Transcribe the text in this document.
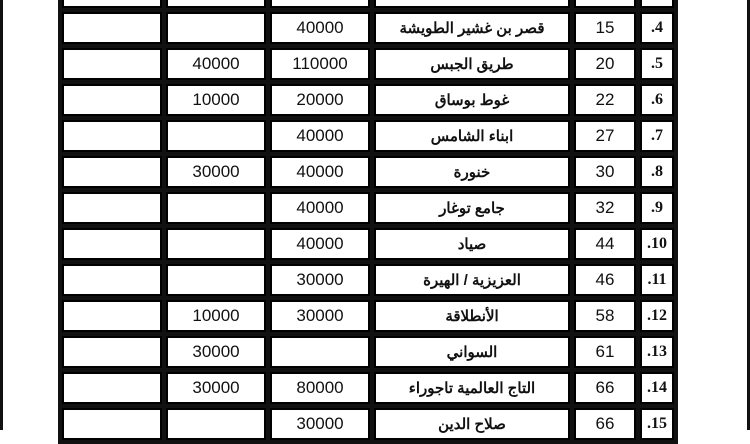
		40000	قصر بن غشير الطويشة	15	.4
	40000	110000	طريق الجبس	20	.5
	10000	20000	غوط بوساق	22	.6
		40000	ابناء الشامس	27	.7
	30000	40000	خنورة	30	.8
		40000	جامع توغار	32	.9
		40000	صياد	44	.10
		30000	العزيزية / الهيرة	46	.11
	10000	30000	الأنطلاقة	58	.12
	30000		السواني	61	.13
	30000	80000	التاج العالمية تاجوراء	66	.14
		30000	صلاح الدين	66	.15
